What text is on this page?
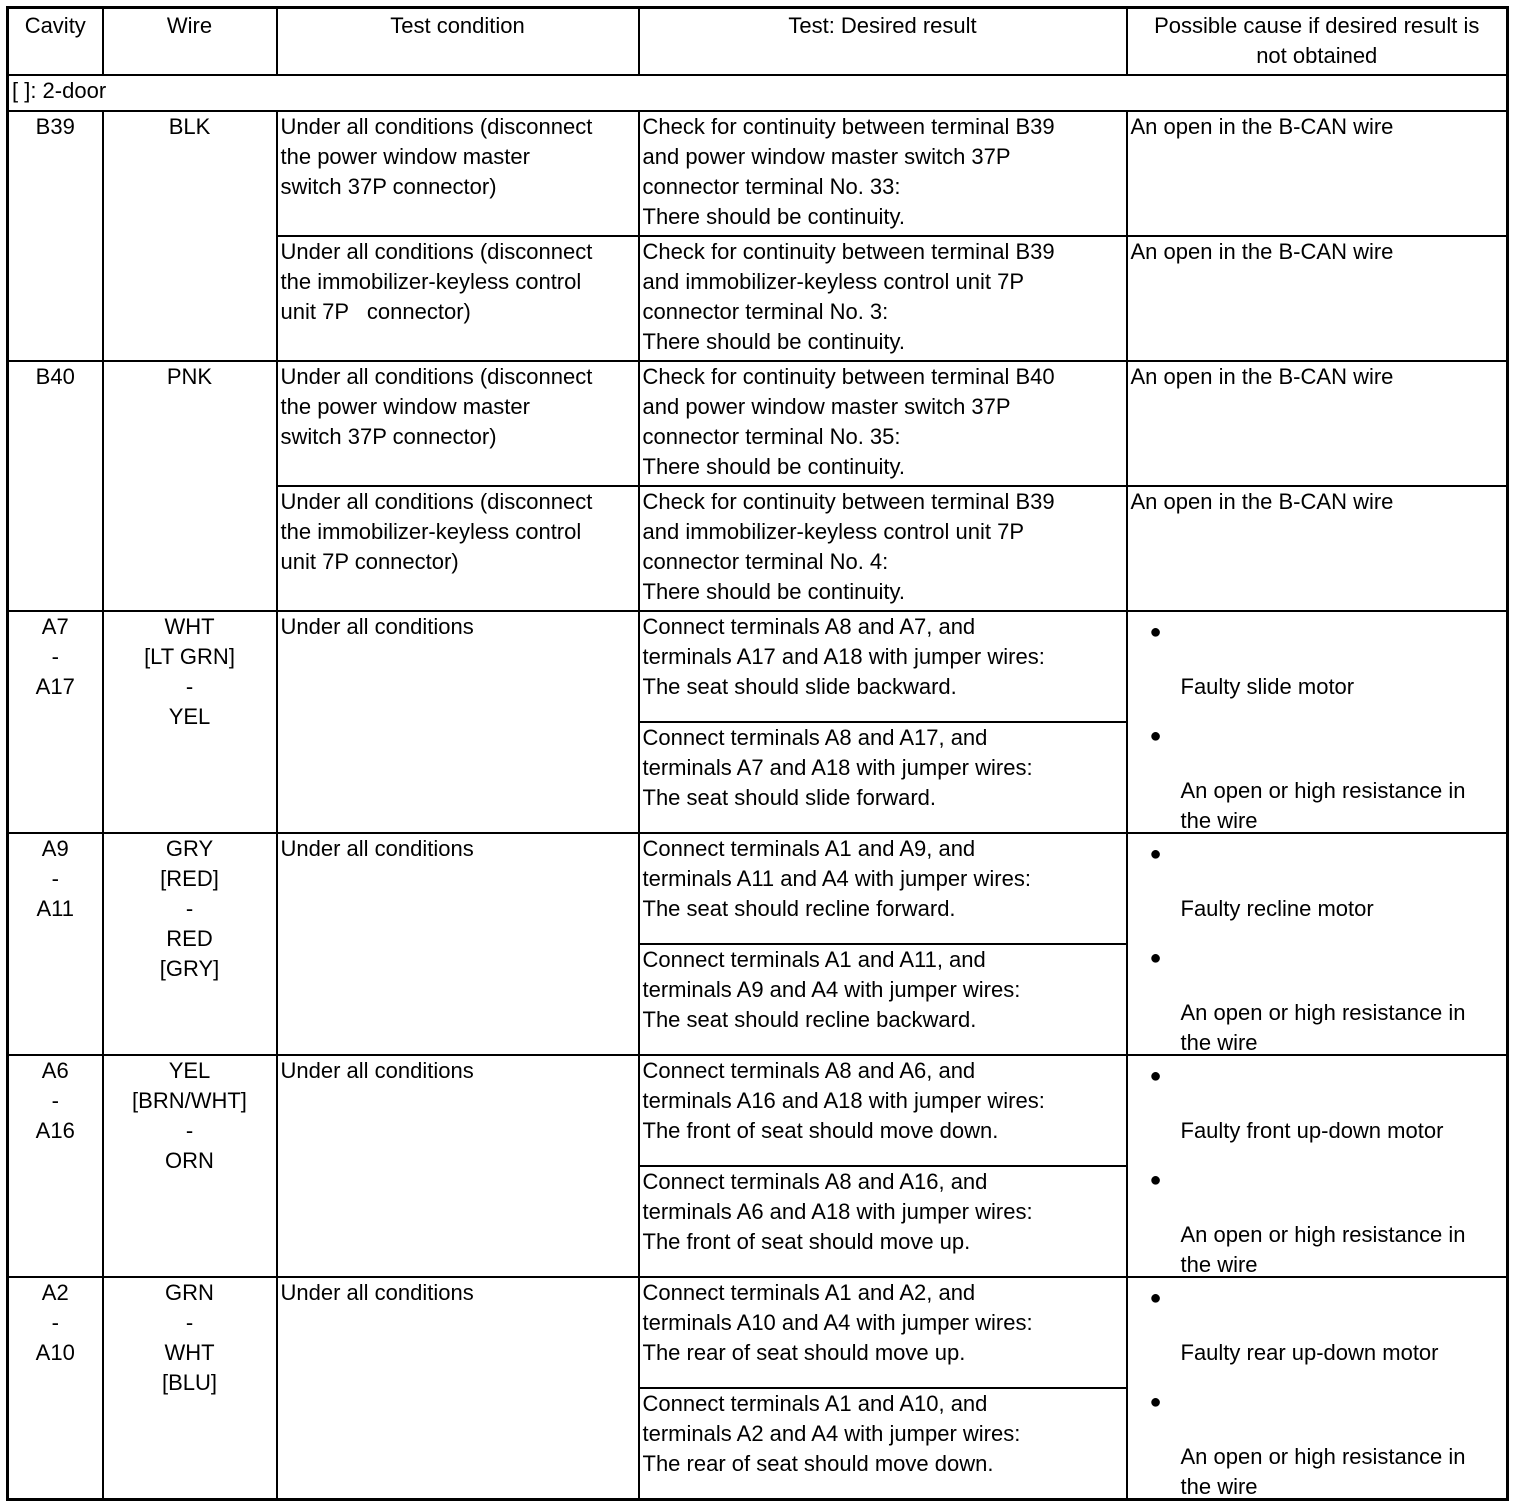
Cavity	Wire	Test condition	Test: Desired result	Possible cause if desired result is
not obtained

[ ]: 2-door				
B39	BLK	Under all conditions (disconnect
the power window master
switch 37P connector)	Check for continuity between terminal B39
and power window master switch 37P
connector terminal No. 33:
There should be continuity.	An open in the B-CAN wire

		Under all conditions (disconnect
the immobilizer-keyless control
unit 7P   connector)	Check for continuity between terminal B39
and immobilizer-keyless control unit 7P
connector terminal No. 3:
There should be continuity.	An open in the B-CAN wire
B40	PNK	Under all conditions (disconnect
the power window master
switch 37P connector)	Check for continuity between terminal B40
and power window master switch 37P
connector terminal No. 35:
There should be continuity.	An open in the B-CAN wire

		Under all conditions (disconnect
the immobilizer-keyless control
unit 7P connector)	Check for continuity between terminal B39
and immobilizer-keyless control unit 7P
connector terminal No. 4:
There should be continuity.	An open in the B-CAN wire

A7
-
A17	WHT
[LT GRN]
-
YEL	Under all conditions	Connect terminals A8 and A7, and
terminals A17 and A18 with jumper wires:
The seat should slide backward.	●
Faulty slide motor
●
An open or high resistance in
the wire

			Connect terminals A8 and A17, and
terminals A7 and A18 with jumper wires:
The seat should slide forward.	

A9
-
A11	GRY
[RED]
-
RED
[GRY]	Under all conditions	Connect terminals A1 and A9, and
terminals A11 and A4 with jumper wires:
The seat should recline forward.	●
Faulty recline motor
●
An open or high resistance in
the wire

			Connect terminals A1 and A11, and
terminals A9 and A4 with jumper wires:
The seat should recline backward.	

A6
-
A16	YEL
[BRN/WHT]
-
ORN	Under all conditions	Connect terminals A8 and A6, and
terminals A16 and A18 with jumper wires:
The front of seat should move down.	●
Faulty front up-down motor
●
An open or high resistance in
the wire

			Connect terminals A8 and A16, and
terminals A6 and A18 with jumper wires:
The front of seat should move up.	

A2
-
A10	GRN
-
WHT
[BLU]	Under all conditions	Connect terminals A1 and A2, and
terminals A10 and A4 with jumper wires:
The rear of seat should move up.	●
Faulty rear up-down motor
●
An open or high resistance in
the wire

			Connect terminals A1 and A10, and
terminals A2 and A4 with jumper wires:
The rear of seat should move down.	
